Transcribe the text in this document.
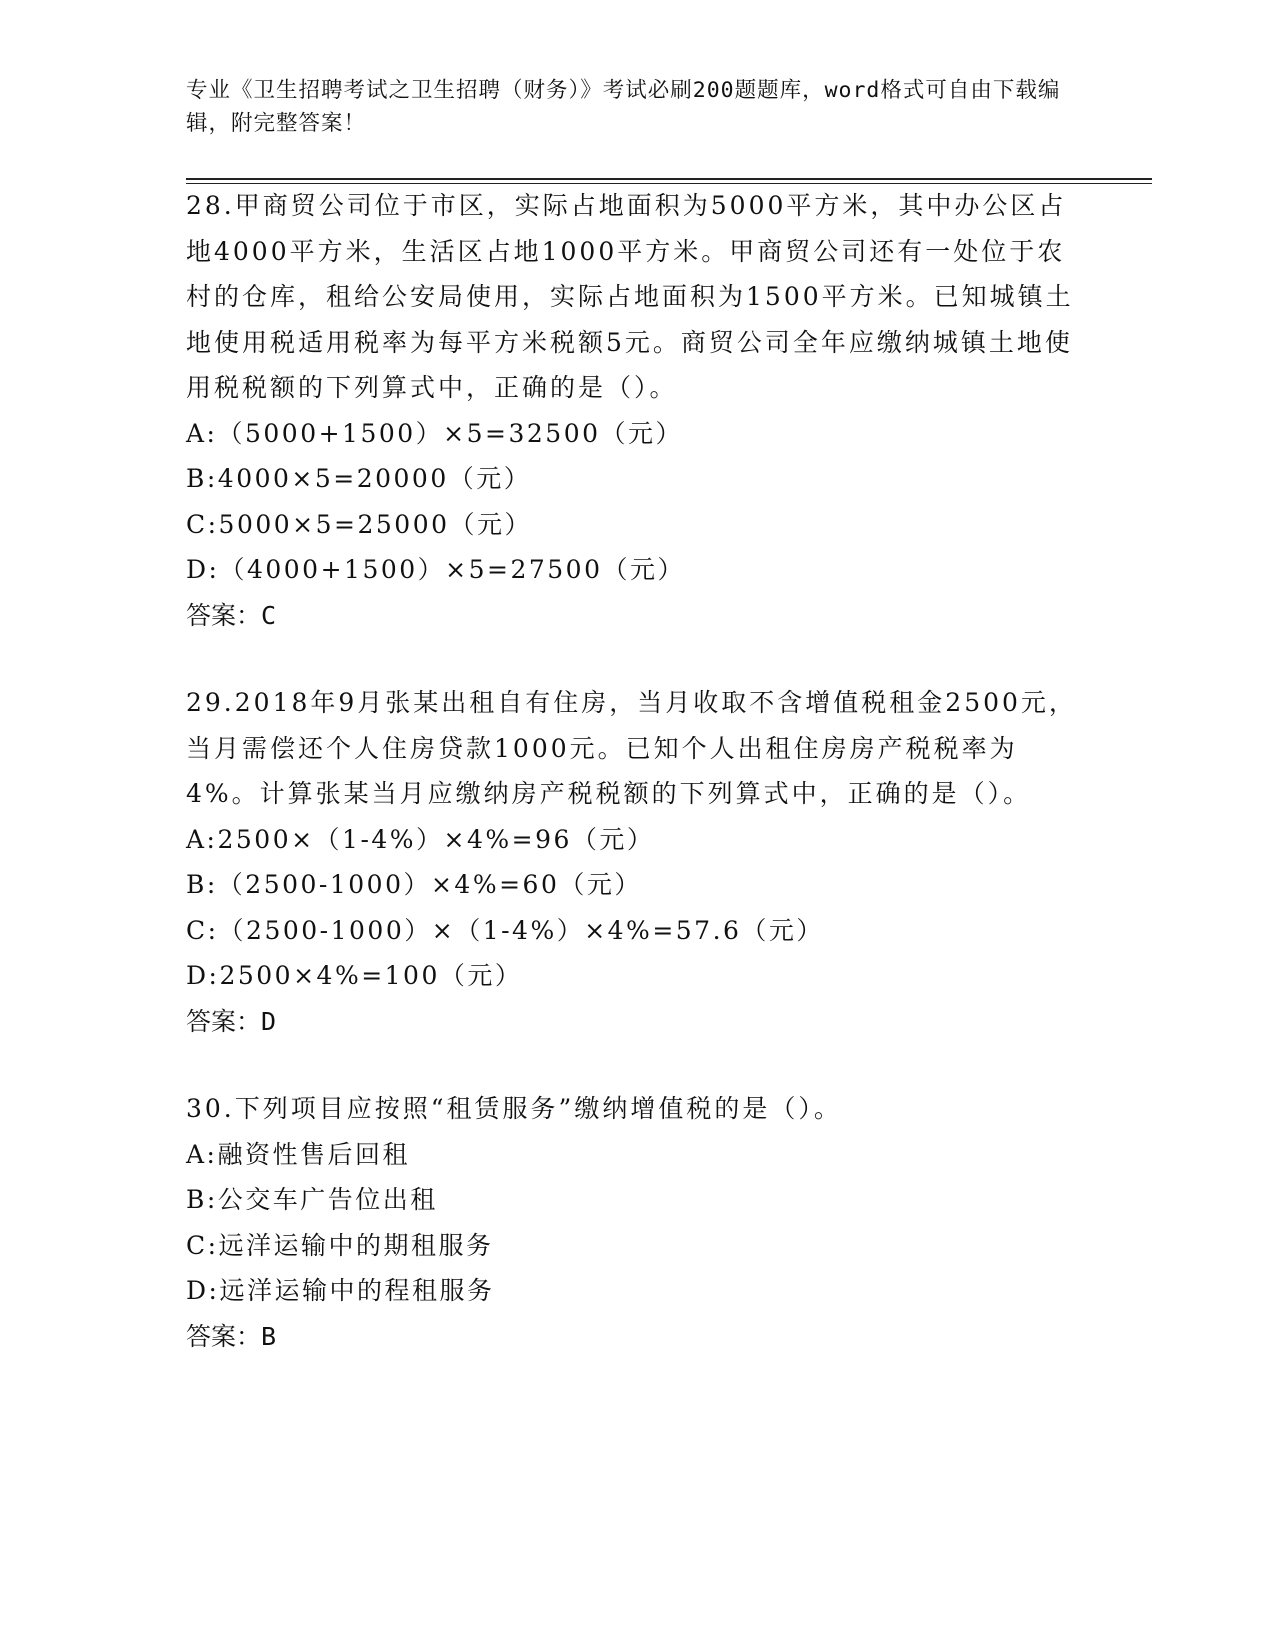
专业《卫生招聘考试之卫生招聘（财务）》考试必刷200题题库，word格式可自由下载编辑，附完整答案！

28.甲商贸公司位于市区，实际占地面积为5000平方米，其中办公区占地4000平方米，生活区占地1000平方米。甲商贸公司还有一处位于农村的仓库，租给公安局使用，实际占地面积为1500平方米。已知城镇土地使用税适用税率为每平方米税额5元。商贸公司全年应缴纳城镇土地使用税税额的下列算式中，正确的是（）。

A:（5000+1500）×5=32500（元）

B:4000×5=20000（元）

C:5000×5=25000（元）

D:（4000+1500）×5=27500（元）

答案：C

29.2018年9月张某出租自有住房，当月收取不含增值税租金2500元，当月需偿还个人住房贷款1000元。已知个人出租住房房产税税率为4%。计算张某当月应缴纳房产税税额的下列算式中，正确的是（）。

A:2500×（1-4%）×4%=96（元）

B:（2500-1000）×4%=60（元）

C:（2500-1000）×（1-4%）×4%=57.6（元）

D:2500×4%=100（元）

答案：D

30.下列项目应按照“租赁服务”缴纳增值税的是（）。

A:融资性售后回租

B:公交车广告位出租

C:远洋运输中的期租服务

D:远洋运输中的程租服务

答案：B
